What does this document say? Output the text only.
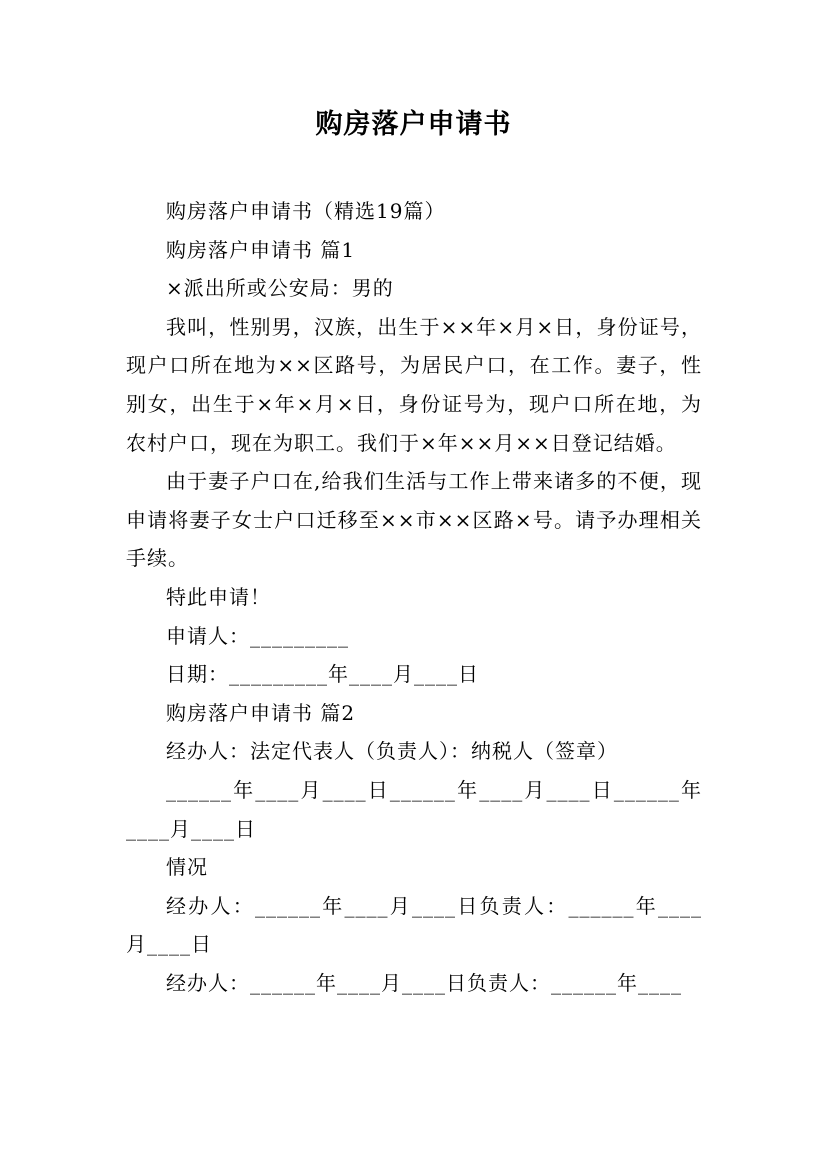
购房落户申请书

购房落户申请书（精选19篇）

购房落户申请书 篇1

×派出所或公安局：男的

我叫，性别男，汉族，出生于××年×月×日，身份证号，现户口所在地为××区路号，为居民户口，在工作。妻子，性别女，出生于×年×月×日，身份证号为，现户口所在地，为农村户口，现在为职工。我们于×年××月××日登记结婚。

由于妻子户口在,给我们生活与工作上带来诸多的不便，现申请将妻子女士户口迁移至××市××区路×号。请予办理相关手续。

特此申请！

申请人：_________

日期：_________年____月____日

购房落户申请书 篇2

经办人：法定代表人（负责人）：纳税人（签章）

______年____月____日______年____月____日______年____月____日

情况

经办人：______年____月____日负责人：______年____月____日

经办人：______年____月____日负责人：______年____
